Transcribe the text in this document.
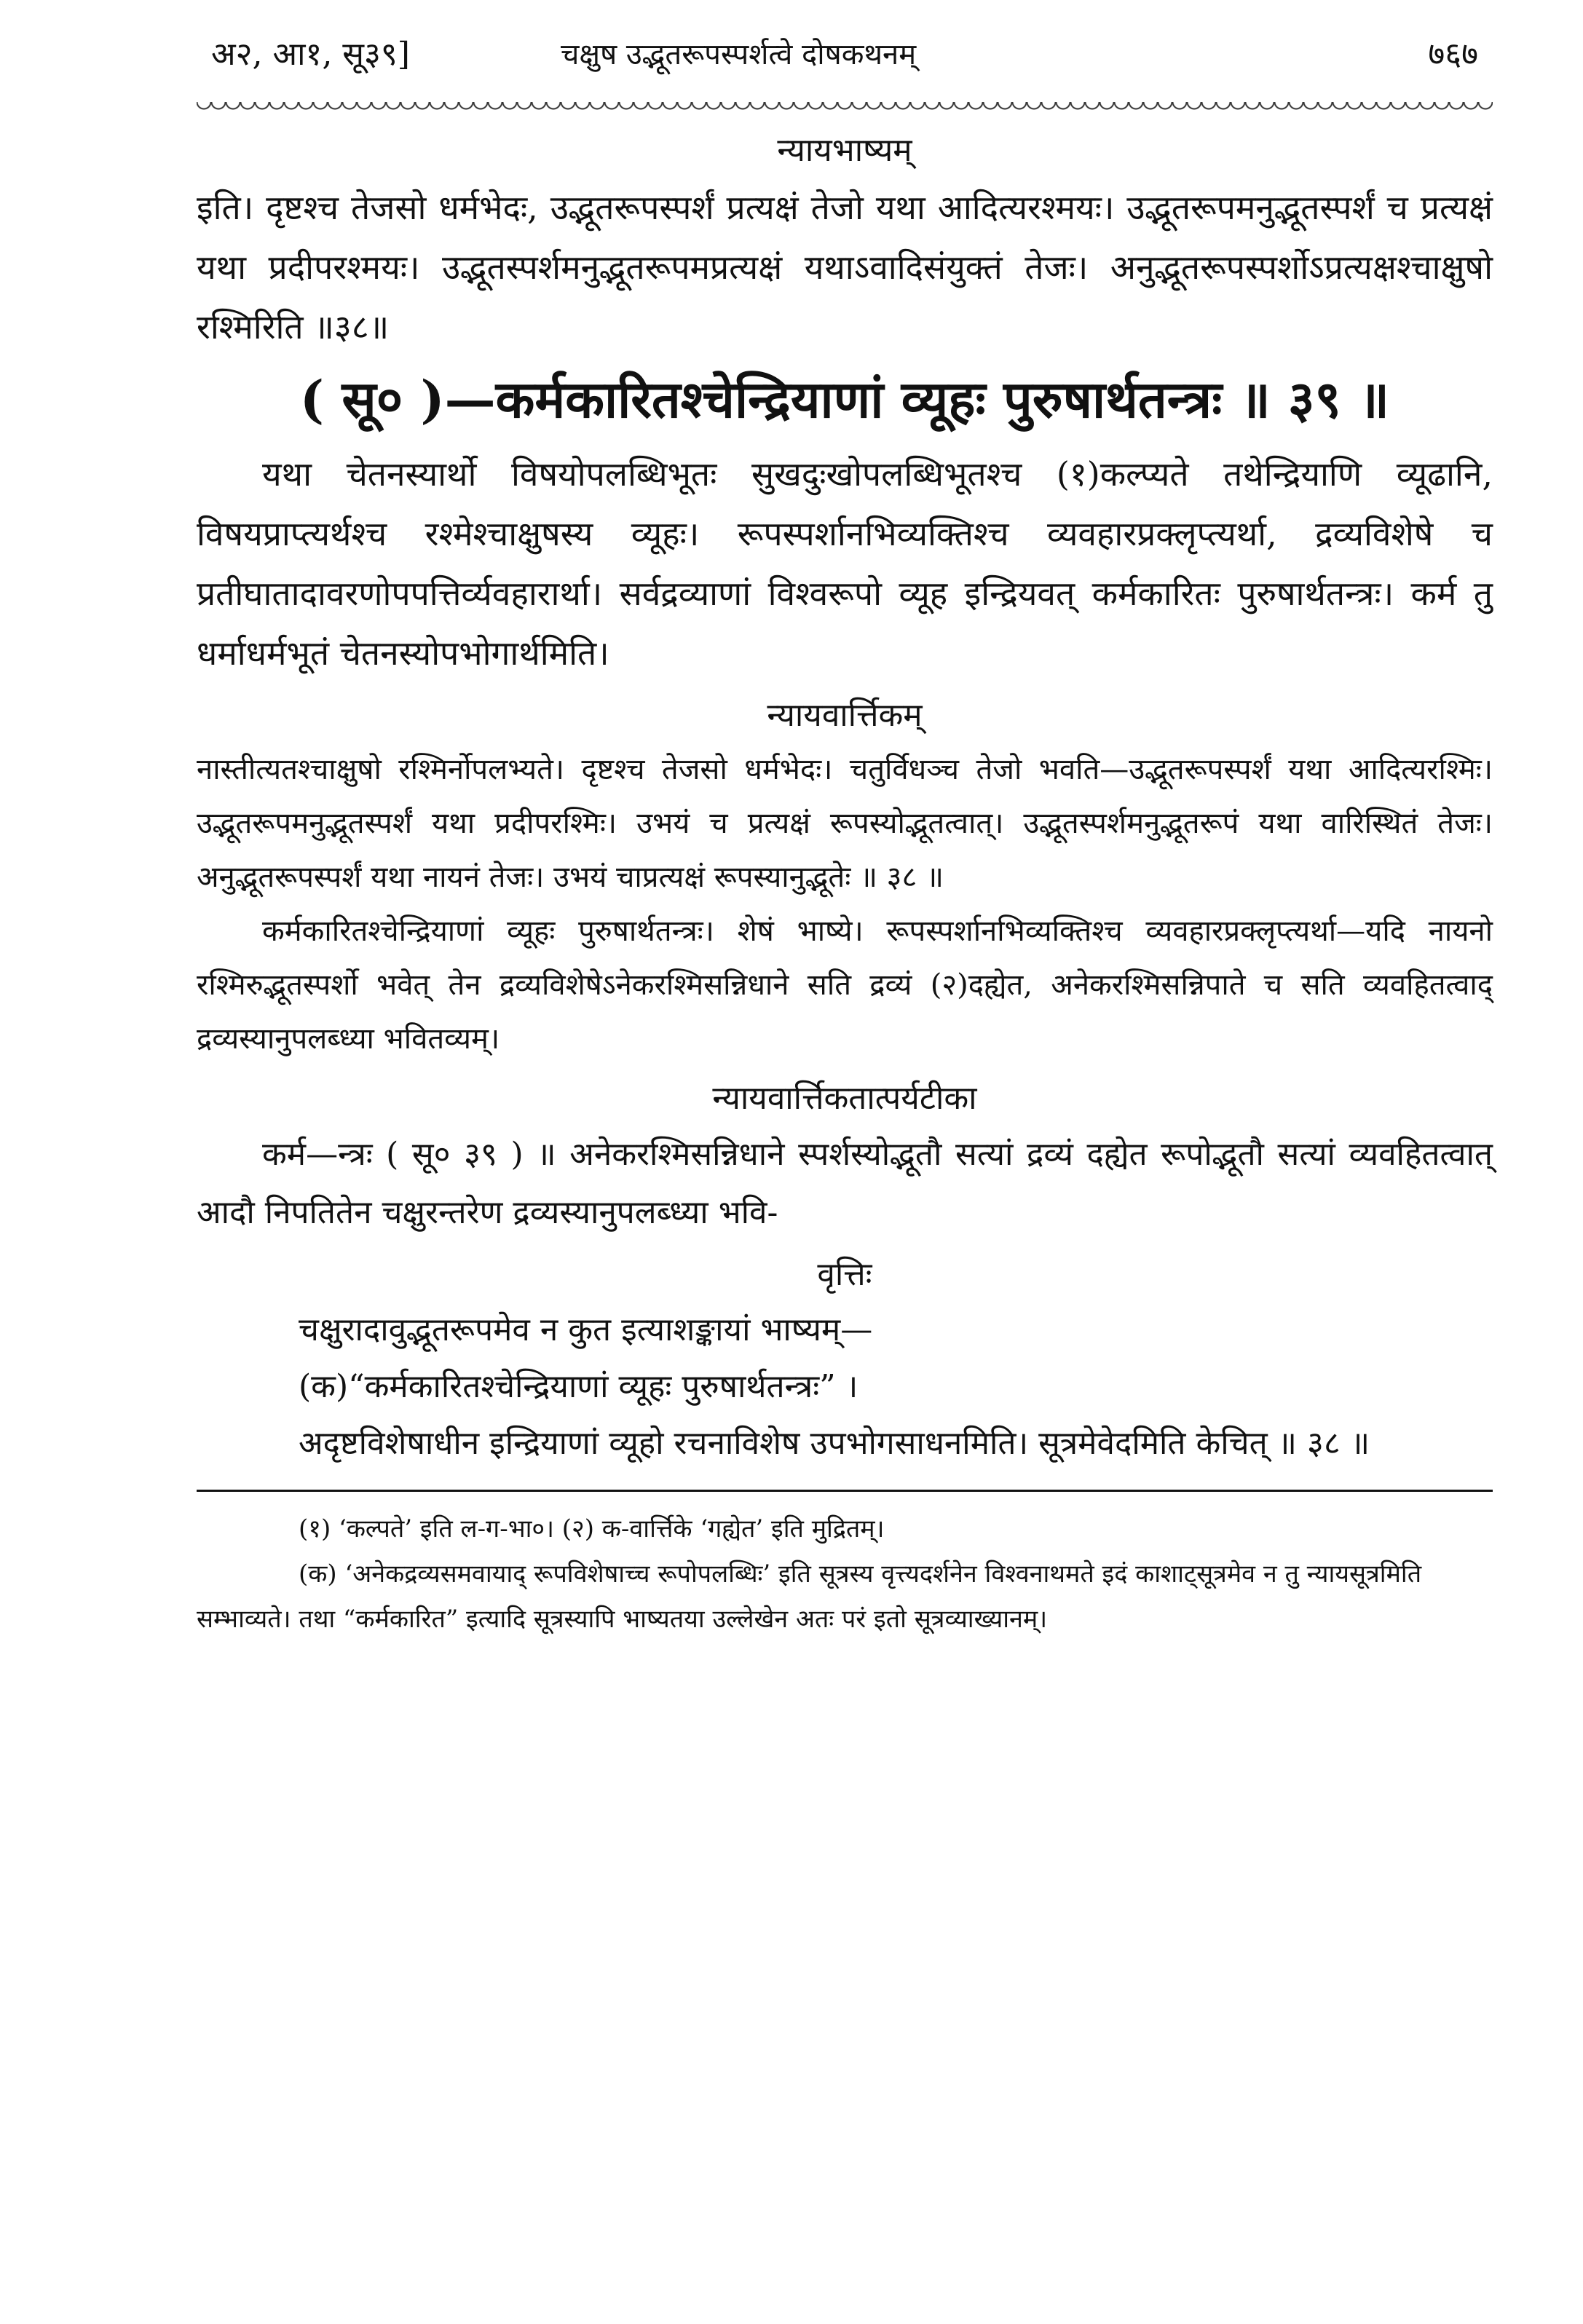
अ२, आ१, सू३९]	चक्षुष उद्भूतरूपस्पर्शत्वे दोषकथनम्	७६७
न्यायभाष्यम्

इति। दृष्टश्च तेजसो धर्मभेदः, उद्भूतरूपस्पर्शं प्रत्यक्षं तेजो यथा आदित्यरश्मयः। उद्भूतरूपमनुद्भूतस्पर्शं च प्रत्यक्षं यथा प्रदीपरश्मयः। उद्भूतस्पर्शमनुद्भूतरूपमप्रत्यक्षं यथाऽवादिसंयुक्तं तेजः। अनुद्भूतरूपस्पर्शोऽप्रत्यक्षश्चाक्षुषो रश्मिरिति ॥३८॥

( सू० )—कर्मकारितश्चेन्द्रियाणां व्यूहः पुरुषार्थतन्त्रः ॥ ३९ ॥

यथा चेतनस्यार्थो विषयोपलब्धिभूतः सुखदुःखोपलब्धिभूतश्च (१)कल्प्यते तथेन्द्रियाणि व्यूढानि, विषयप्राप्त्यर्थश्च रश्मेश्चाक्षुषस्य व्यूहः। रूपस्पर्शानभिव्यक्तिश्च व्यवहारप्रक्लृप्त्यर्था, द्रव्यविशेषे च प्रतीघातादावरणोपपत्तिर्व्यवहारार्था। सर्वद्रव्याणां विश्वरूपो व्यूह इन्द्रियवत् कर्मकारितः पुरुषार्थतन्त्रः। कर्म तु धर्माधर्मभूतं चेतनस्योपभोगार्थमिति।

न्यायवार्त्तिकम्

नास्तीत्यतश्चाक्षुषो रश्मिर्नोपलभ्यते। दृष्टश्च तेजसो धर्मभेदः। चतुर्विधञ्च तेजो भवति—उद्भूतरूपस्पर्शं यथा आदित्यरश्मिः। उद्भूतरूपमनुद्भूतस्पर्शं यथा प्रदीपरश्मिः। उभयं च प्रत्यक्षं रूपस्योद्भूतत्वात्। उद्भूतस्पर्शमनुद्भूतरूपं यथा वारिस्थितं तेजः। अनुद्भूतरूपस्पर्शं यथा नायनं तेजः। उभयं चाप्रत्यक्षं रूपस्यानुद्भूतेः ॥ ३८ ॥

कर्मकारितश्चेन्द्रियाणां व्यूहः पुरुषार्थतन्त्रः। शेषं भाष्ये। रूपस्पर्शानभिव्यक्तिश्च व्यवहारप्रक्लृप्त्यर्था—यदि नायनो रश्मिरुद्भूतस्पर्शो भवेत् तेन द्रव्यविशेषेऽनेकरश्मिसन्निधाने सति द्रव्यं (२)दह्येत, अनेकरश्मिसन्निपाते च सति व्यवहितत्वाद् द्रव्यस्यानुपलब्ध्या भवितव्यम्।

न्यायवार्त्तिकतात्पर्यटीका

कर्म—न्त्रः ( सू० ३९ ) ॥ अनेकरश्मिसन्निधाने स्पर्शस्योद्भूतौ सत्यां द्रव्यं दह्येत रूपोद्भूतौ सत्यां व्यवहितत्वात् आदौ निपतितेन चक्षुरन्तरेण द्रव्यस्यानुपलब्ध्या भवि-

वृत्तिः

चक्षुरादावुद्भूतरूपमेव न कुत इत्याशङ्कायां भाष्यम्—

(क)“कर्मकारितश्चेन्द्रियाणां व्यूहः पुरुषार्थतन्त्रः” ।

अदृष्टविशेषाधीन इन्द्रियाणां व्यूहो रचनाविशेष उपभोगसाधनमिति। सूत्रमेवेदमिति केचित् ॥ ३८ ॥

(१) ‘कल्पते’ इति ल-ग-भा०। (२) क-वार्त्तिके ‘गह्येत’ इति मुद्रितम्।

(क) ‘अनेकद्रव्यसमवायाद् रूपविशेषाच्च रूपोपलब्धिः’ इति सूत्रस्य वृत्त्यदर्शनेन विश्वनाथमते इदं काशाट्सूत्रमेव न तु न्यायसूत्रमिति सम्भाव्यते। तथा “कर्मकारित” इत्यादि सूत्रस्यापि भाष्यतया उल्लेखेन अतः परं इतो सूत्रव्याख्यानम्।
